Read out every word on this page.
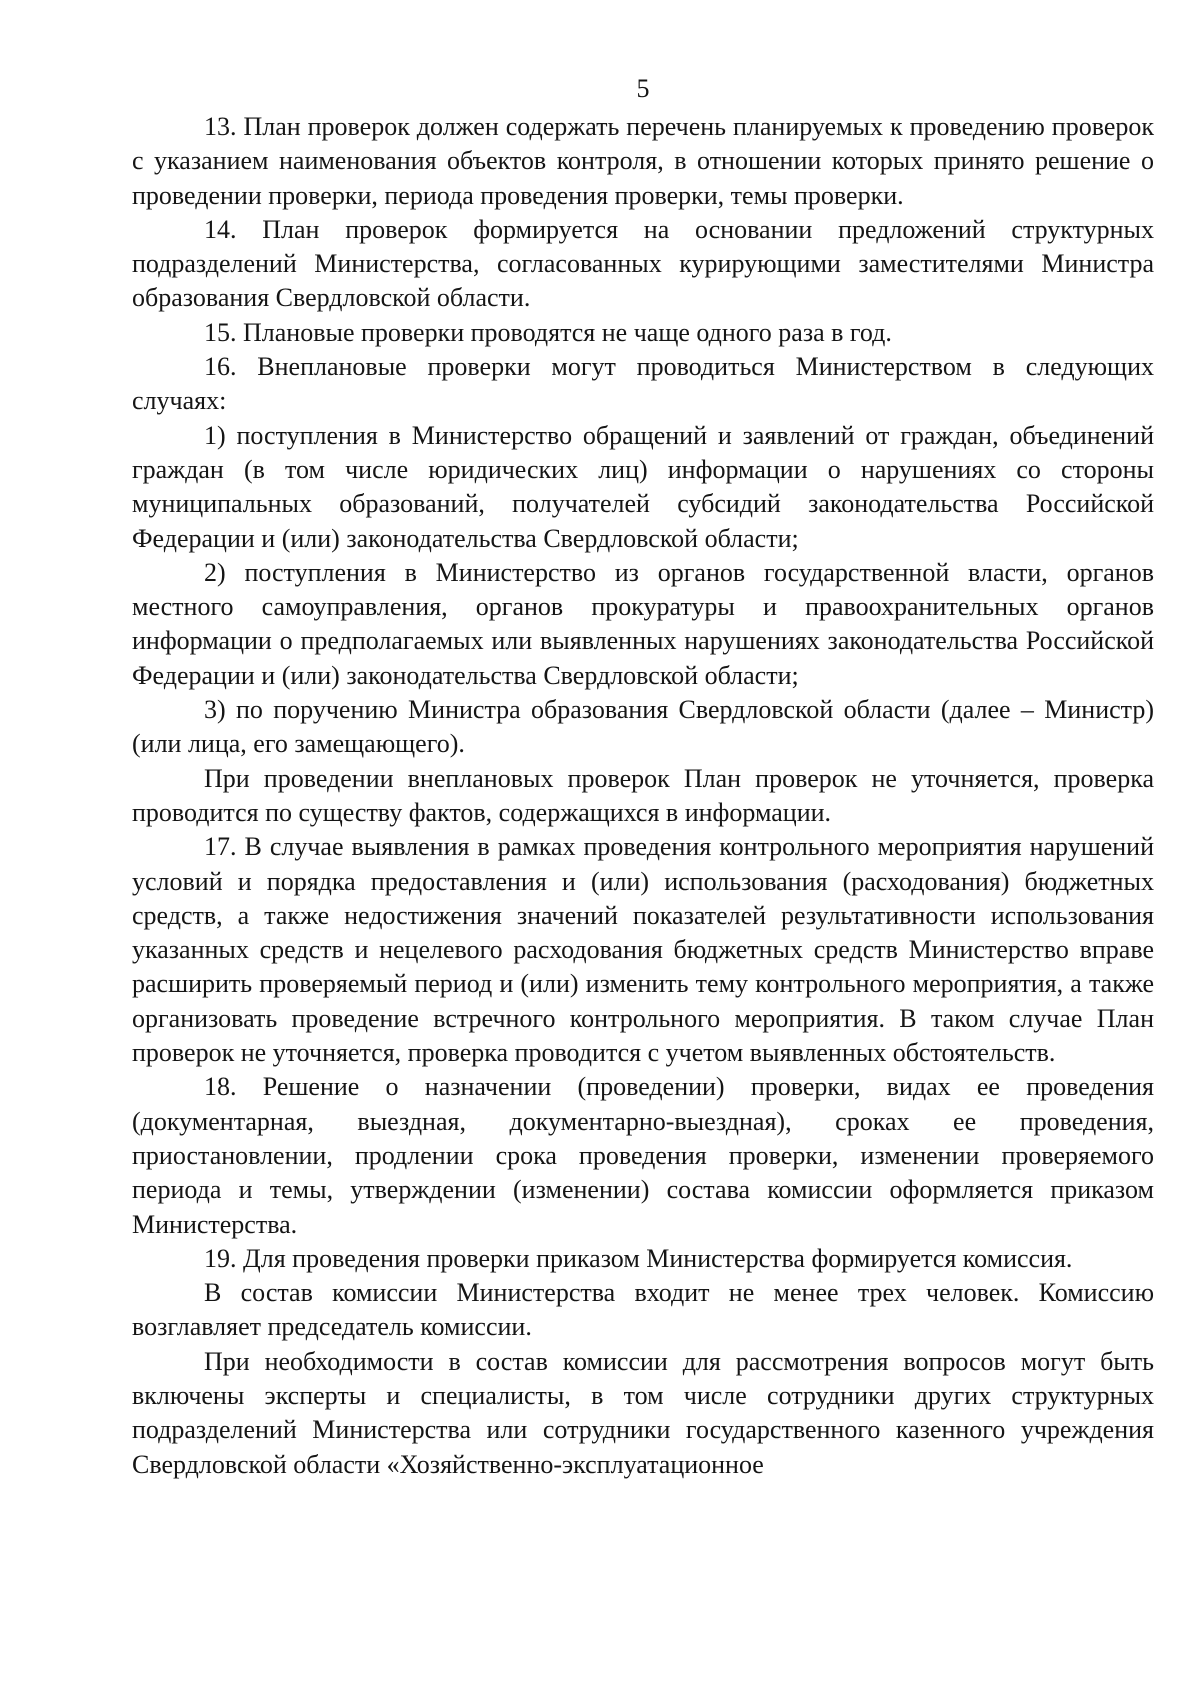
5

13. План проверок должен содержать перечень планируемых к проведению проверок с указанием наименования объектов контроля, в отношении которых принято решение о проведении проверки, периода проведения проверки, темы проверки.

14. План проверок формируется на основании предложений структурных подразделений Министерства, согласованных курирующими заместителями Министра образования Свердловской области.

15. Плановые проверки проводятся не чаще одного раза в год.

16. Внеплановые проверки могут проводиться Министерством в следующих случаях:

1) поступления в Министерство обращений и заявлений от граждан, объединений граждан (в том числе юридических лиц) информации о нарушениях со стороны муниципальных образований, получателей субсидий законодательства Российской Федерации и (или) законодательства Свердловской области;

2) поступления в Министерство из органов государственной власти, органов местного самоуправления, органов прокуратуры и правоохранительных органов информации о предполагаемых или выявленных нарушениях законодательства Российской Федерации и (или) законодательства Свердловской области;

3) по поручению Министра образования Свердловской области (далее – Министр) (или лица, его замещающего).

При проведении внеплановых проверок План проверок не уточняется, проверка проводится по существу фактов, содержащихся в информации.

17. В случае выявления в рамках проведения контрольного мероприятия нарушений условий и порядка предоставления и (или) использования (расходования) бюджетных средств, а также недостижения значений показателей результативности использования указанных средств и нецелевого расходования бюджетных средств Министерство вправе расширить проверяемый период и (или) изменить тему контрольного мероприятия, а также организовать проведение встречного контрольного мероприятия. В таком случае План проверок не уточняется, проверка проводится с учетом выявленных обстоятельств.

18. Решение о назначении (проведении) проверки, видах ее проведения (документарная, выездная, документарно-выездная), сроках ее проведения, приостановлении, продлении срока проведения проверки, изменении проверяемого периода и темы, утверждении (изменении) состава комиссии оформляется приказом Министерства.

19. Для проведения проверки приказом Министерства формируется комиссия.

В состав комиссии Министерства входит не менее трех человек. Комиссию возглавляет председатель комиссии.

При необходимости в состав комиссии для рассмотрения вопросов могут быть включены эксперты и специалисты, в том числе сотрудники других структурных подразделений Министерства или сотрудники государственного казенного учреждения Свердловской области «Хозяйственно-эксплуатационное
